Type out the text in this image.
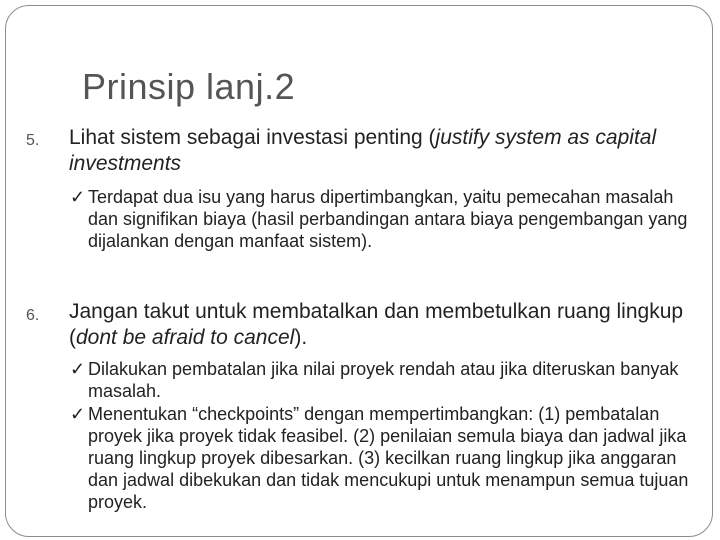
Prinsip lanj.2
5. Lihat sistem sebagai investasi penting (justify system as capital investments
✓ Terdapat dua isu yang harus dipertimbangkan, yaitu pemecahan masalah dan signifikan biaya (hasil perbandingan antara biaya pengembangan yang dijalankan dengan manfaat sistem).
6. Jangan takut untuk membatalkan dan membetulkan ruang lingkup (dont be afraid to cancel).
✓ Dilakukan pembatalan jika nilai proyek rendah atau jika diteruskan banyak masalah.
✓ Menentukan “checkpoints” dengan mempertimbangkan: (1) pembatalan proyek jika proyek tidak feasibel. (2) penilaian semula biaya dan jadwal jika ruang lingkup proyek dibesarkan. (3) kecilkan ruang lingkup jika anggaran dan jadwal dibekukan dan tidak mencukupi untuk menampun semua tujuan proyek.
